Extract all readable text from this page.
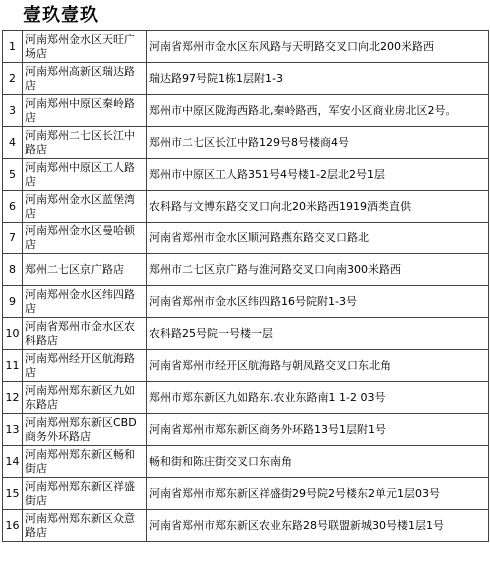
壹玖壹玖
1	河南郑州金水区天旺广场店	河南省郑州市金水区东风路与天明路交叉口向北200米路西
2	河南郑州高新区瑞达路店	瑞达路97号院1栋1层附1-3
3	河南郑州中原区秦岭路店	郑州市中原区陇海西路北,秦岭路西，军安小区商业房北区2号。
4	河南郑州二七区长江中路店	郑州市二七区长江中路129号8号楼商4号
5	河南郑州中原区工人路店	郑州市中原区工人路351号4号楼1-2层北2号1层
6	河南郑州金水区蓝堡湾店	农科路与文博东路交叉口向北20米路西1919酒类直供
7	河南郑州金水区曼哈顿店	河南省郑州市金水区顺河路燕东路交叉口路北
8	郑州二七区京广路店	郑州市二七区京广路与淮河路交叉口向南300米路西
9	河南郑州金水区纬四路店	河南省郑州市金水区纬四路16号院附1-3号
10	河南省郑州市金水区农科路店	农科路25号院一号楼一层
11	河南郑州经开区航海路店	河南省郑州市经开区航海路与朝凤路交叉口东北角
12	河南郑州郑东新区九如东路店	郑州市郑东新区九如路东.农业东路南1 1-2 03号
13	河南郑州郑东新区CBD商务外环路店	河南省郑州市郑东新区商务外环路13号1层附1号
14	河南郑州郑东新区畅和街店	畅和街和陈庄街交叉口东南角
15	河南郑州郑东新区祥盛街店	河南省郑州市郑东新区祥盛街29号院2号楼东2单元1层03号
16	河南郑州郑东新区众意路店	河南省郑州市郑东新区农业东路28号联盟新城30号楼1层1号
